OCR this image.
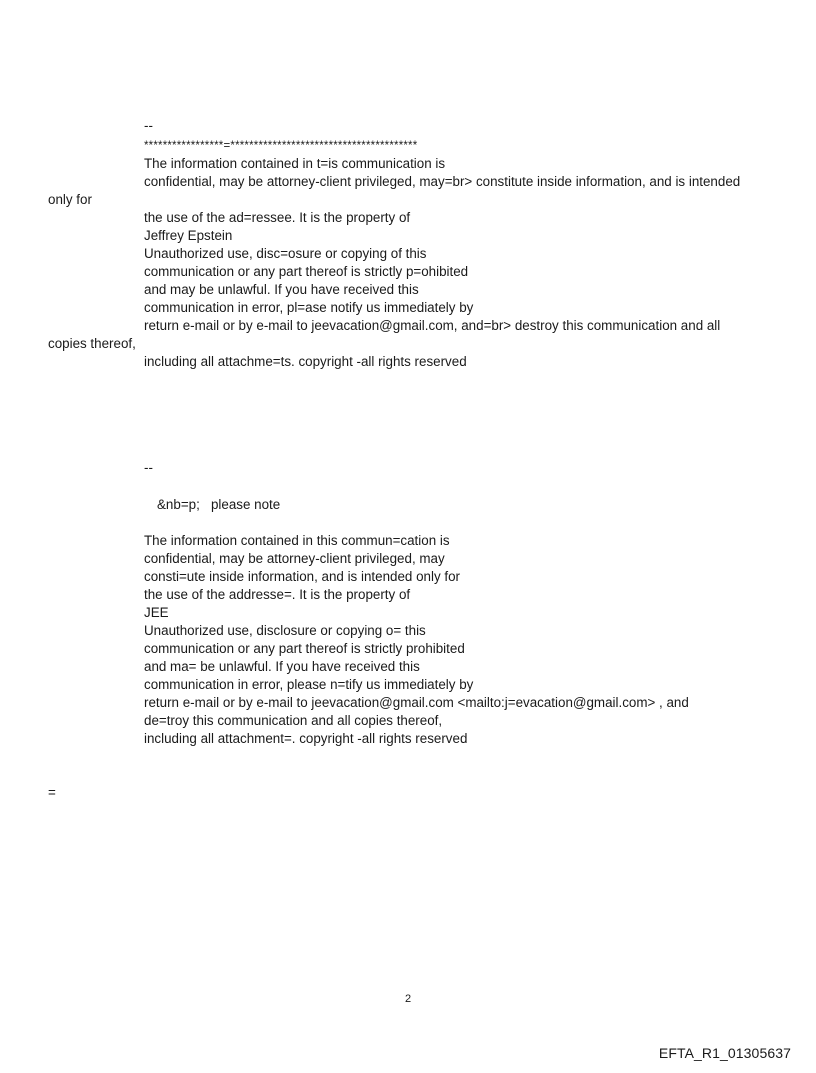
--

*****************=****************************************

The information contained in t=is communication is

confidential, may be attorney-client privileged, may=br> constitute inside information, and is intended

only for

the use of the ad=ressee. It is the property of

Jeffrey Epstein

Unauthorized use, disc=osure or copying of this

communication or any part thereof is strictly p=ohibited

and may be unlawful. If you have received this

communication in error, pl=ase notify us immediately by

return e-mail or by e-mail to jeevacation@gmail.com, and=br> destroy this communication and all

copies thereof,

including all attachme=ts. copyright -all rights reserved

--

&nb=p;   please note

The information contained in this commun=cation is

confidential, may be attorney-client privileged, may

consti=ute inside information, and is intended only for

the use of the addresse=. It is the property of

JEE

Unauthorized use, disclosure or copying o= this

communication or any part thereof is strictly prohibited

and ma= be unlawful. If you have received this

communication in error, please n=tify us immediately by

return e-mail or by e-mail to jeevacation@gmail.com <mailto:j=evacation@gmail.com> , and

de=troy this communication and all copies thereof,

including all attachment=. copyright -all rights reserved

=

2
EFTA_R1_01305637
